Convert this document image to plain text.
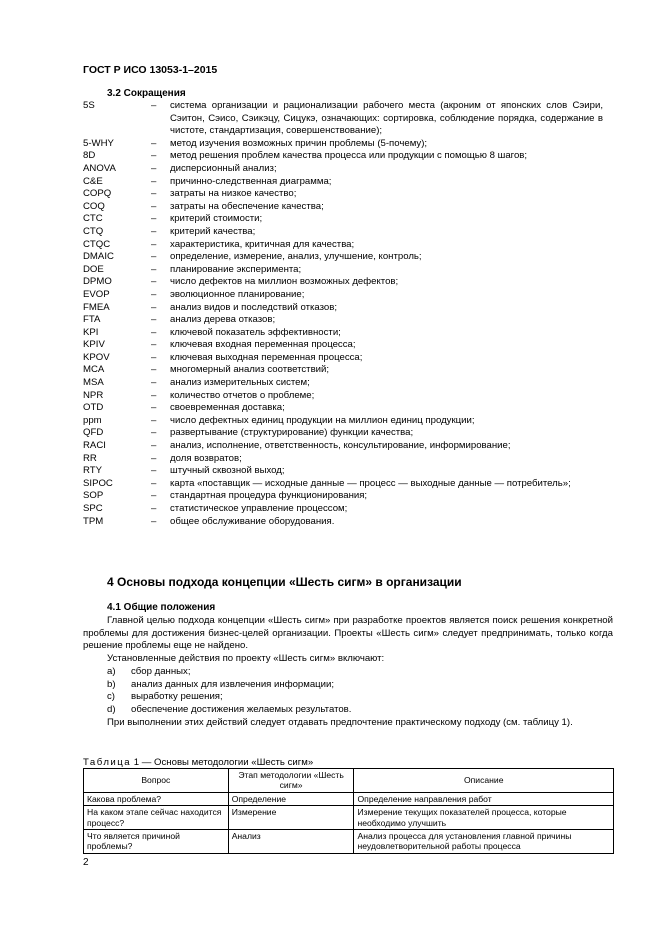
ГОСТ Р ИСО 13053-1–2015
3.2 Сокращения
5S	–	система организации и рационализации рабочего места (акроним от японских слов Сэири, Сэитон, Сэисо, Сэикэцу, Сицукэ, означающих: сортировка, соблюдение порядка, содержание в чистоте, стандартизация, совершенствование);
5-WHY	–	метод изучения возможных причин проблемы (5-почему);
8D	–	метод решения проблем качества процесса или продукции с помощью 8 шагов;
ANOVA	–	дисперсионный анализ;
C&E	–	причинно-следственная диаграмма;
COPQ	–	затраты на низкое качество;
COQ	–	затраты на обеспечение качества;
CTC	–	критерий стоимости;
CTQ	–	критерий качества;
CTQC	–	характеристика, критичная для качества;
DMAIC	–	определение, измерение, анализ, улучшение, контроль;
DOE	–	планирование эксперимента;
DPMO	–	число дефектов на миллион возможных дефектов;
EVOP	–	эволюционное планирование;
FMEA	–	анализ видов и последствий отказов;
FTA	–	анализ дерева отказов;
KPI	–	ключевой показатель эффективности;
KPIV	–	ключевая входная переменная процесса;
KPOV	–	ключевая выходная переменная процесса;
MCA	–	многомерный анализ соответствий;
MSA	–	анализ измерительных систем;
NPR	–	количество отчетов о проблеме;
OTD	–	своевременная доставка;
ppm	–	число дефектных единиц продукции на миллион единиц продукции;
QFD	–	развертывание (структурирование) функции качества;
RACI	–	анализ, исполнение, ответственность, консультирование, информирование;
RR	–	доля возвратов;
RTY	–	штучный сквозной выход;
SIPOC	–	карта «поставщик — исходные данные — процесс — выходные данные — потребитель»;
SOP	–	стандартная процедура функционирования;
SPC	–	статистическое управление процессом;
TPM	–	общее обслуживание оборудования.
4 Основы подхода концепции «Шесть сигм» в организации
4.1 Общие положения
Главной целью подхода концепции «Шесть сигм» при разработке проектов является поиск решения конкретной проблемы для достижения бизнес-целей организации. Проекты «Шесть сигм» следует предпринимать, только когда решение проблемы еще не найдено.
Установленные действия по проекту «Шесть сигм» включают:
a)	сбор данных;
b)	анализ данных для извлечения информации;
c)	выработку решения;
d)	обеспечение достижения желаемых результатов.
При выполнении этих действий следует отдавать предпочтение практическому подходу (см. таблицу 1).
Таблица 1 — Основы методологии «Шесть сигм»
Вопрос	Этап методологии «Шесть сигм»	Описание
Какова проблема?	Определение	Определение направления работ
На каком этапе сейчас находится процесс?	Измерение	Измерение текущих показателей процесса, которые необходимо улучшить
Что является причиной проблемы?	Анализ	Анализ процесса для установления главной причины неудовлетворительной работы процесса
2
